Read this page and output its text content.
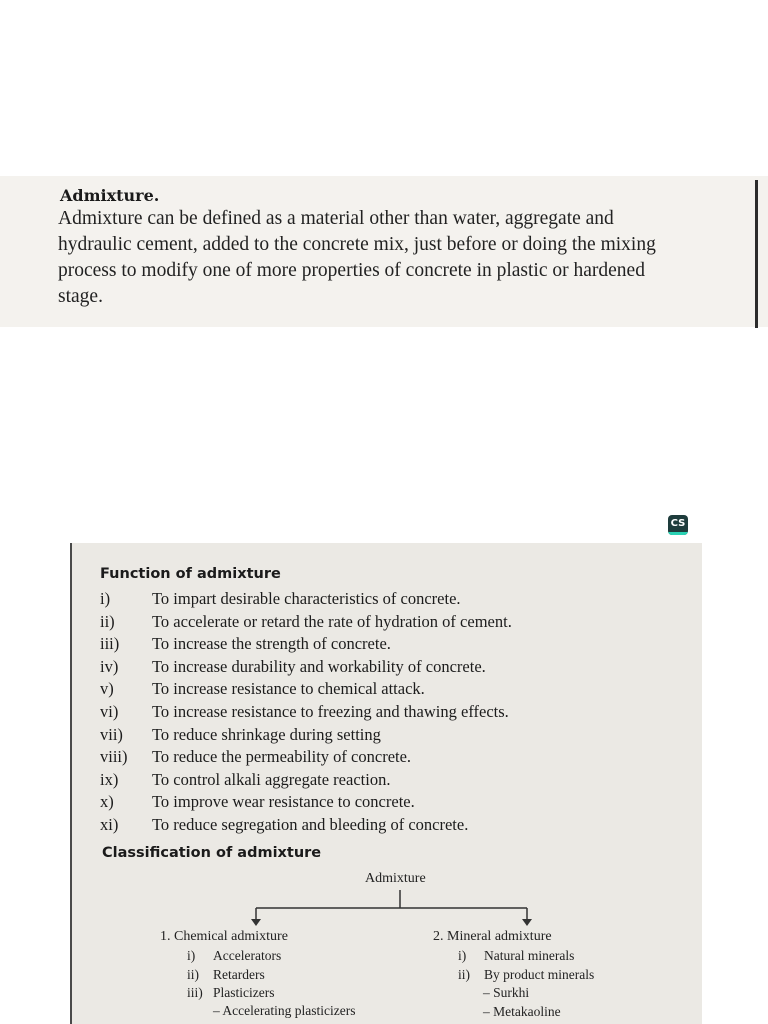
Admixture.
Admixture can be defined as a material other than water, aggregate and
hydraulic cement, added to the concrete mix, just before or doing the mixing
process to modify one of more properties of concrete in plastic or hardened
stage.
CS
Function of admixture
i)	To impart desirable characteristics of concrete.
ii)	To accelerate or retard the rate of hydration of cement.
iii)	To increase the strength of concrete.
iv)	To increase durability and workability of concrete.
v)	To increase resistance to chemical attack.
vi)	To increase resistance to freezing and thawing effects.
vii)	To reduce shrinkage during setting
viii)	To reduce the permeability of concrete.
ix)	To control alkali aggregate reaction.
x)	To improve wear resistance to concrete.
xi)	To reduce segregation and bleeding of concrete.
Classification of admixture
Admixture
1. Chemical admixture
i) Accelerators
ii) Retarders
iii) Plasticizers
– Accelerating plasticizers
2. Mineral admixture
i) Natural minerals
ii) By product minerals
– Surkhi
– Metakaoline
